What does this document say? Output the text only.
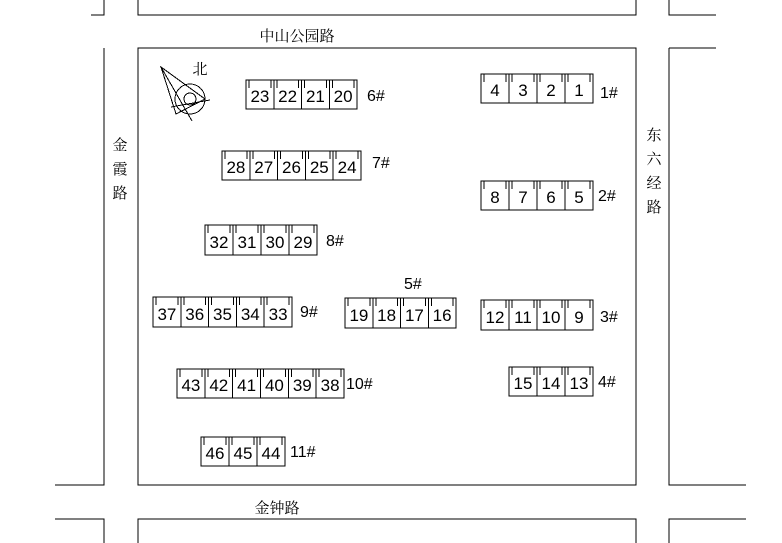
中山公园路
金钟路
金
霞
路
东
六
经
路
北
4 3 2 1 1#
8 7 6 5 2#
12 11 10 9 3#
15 14 13 4#
19 18 17 16
5#
23 22 21 20 6#
28 27 26 25 24 7#
32 31 30 29 8#
37 36 35 34 33 9#
43 42 41 40 39 38 10#
46 45 44 11#
